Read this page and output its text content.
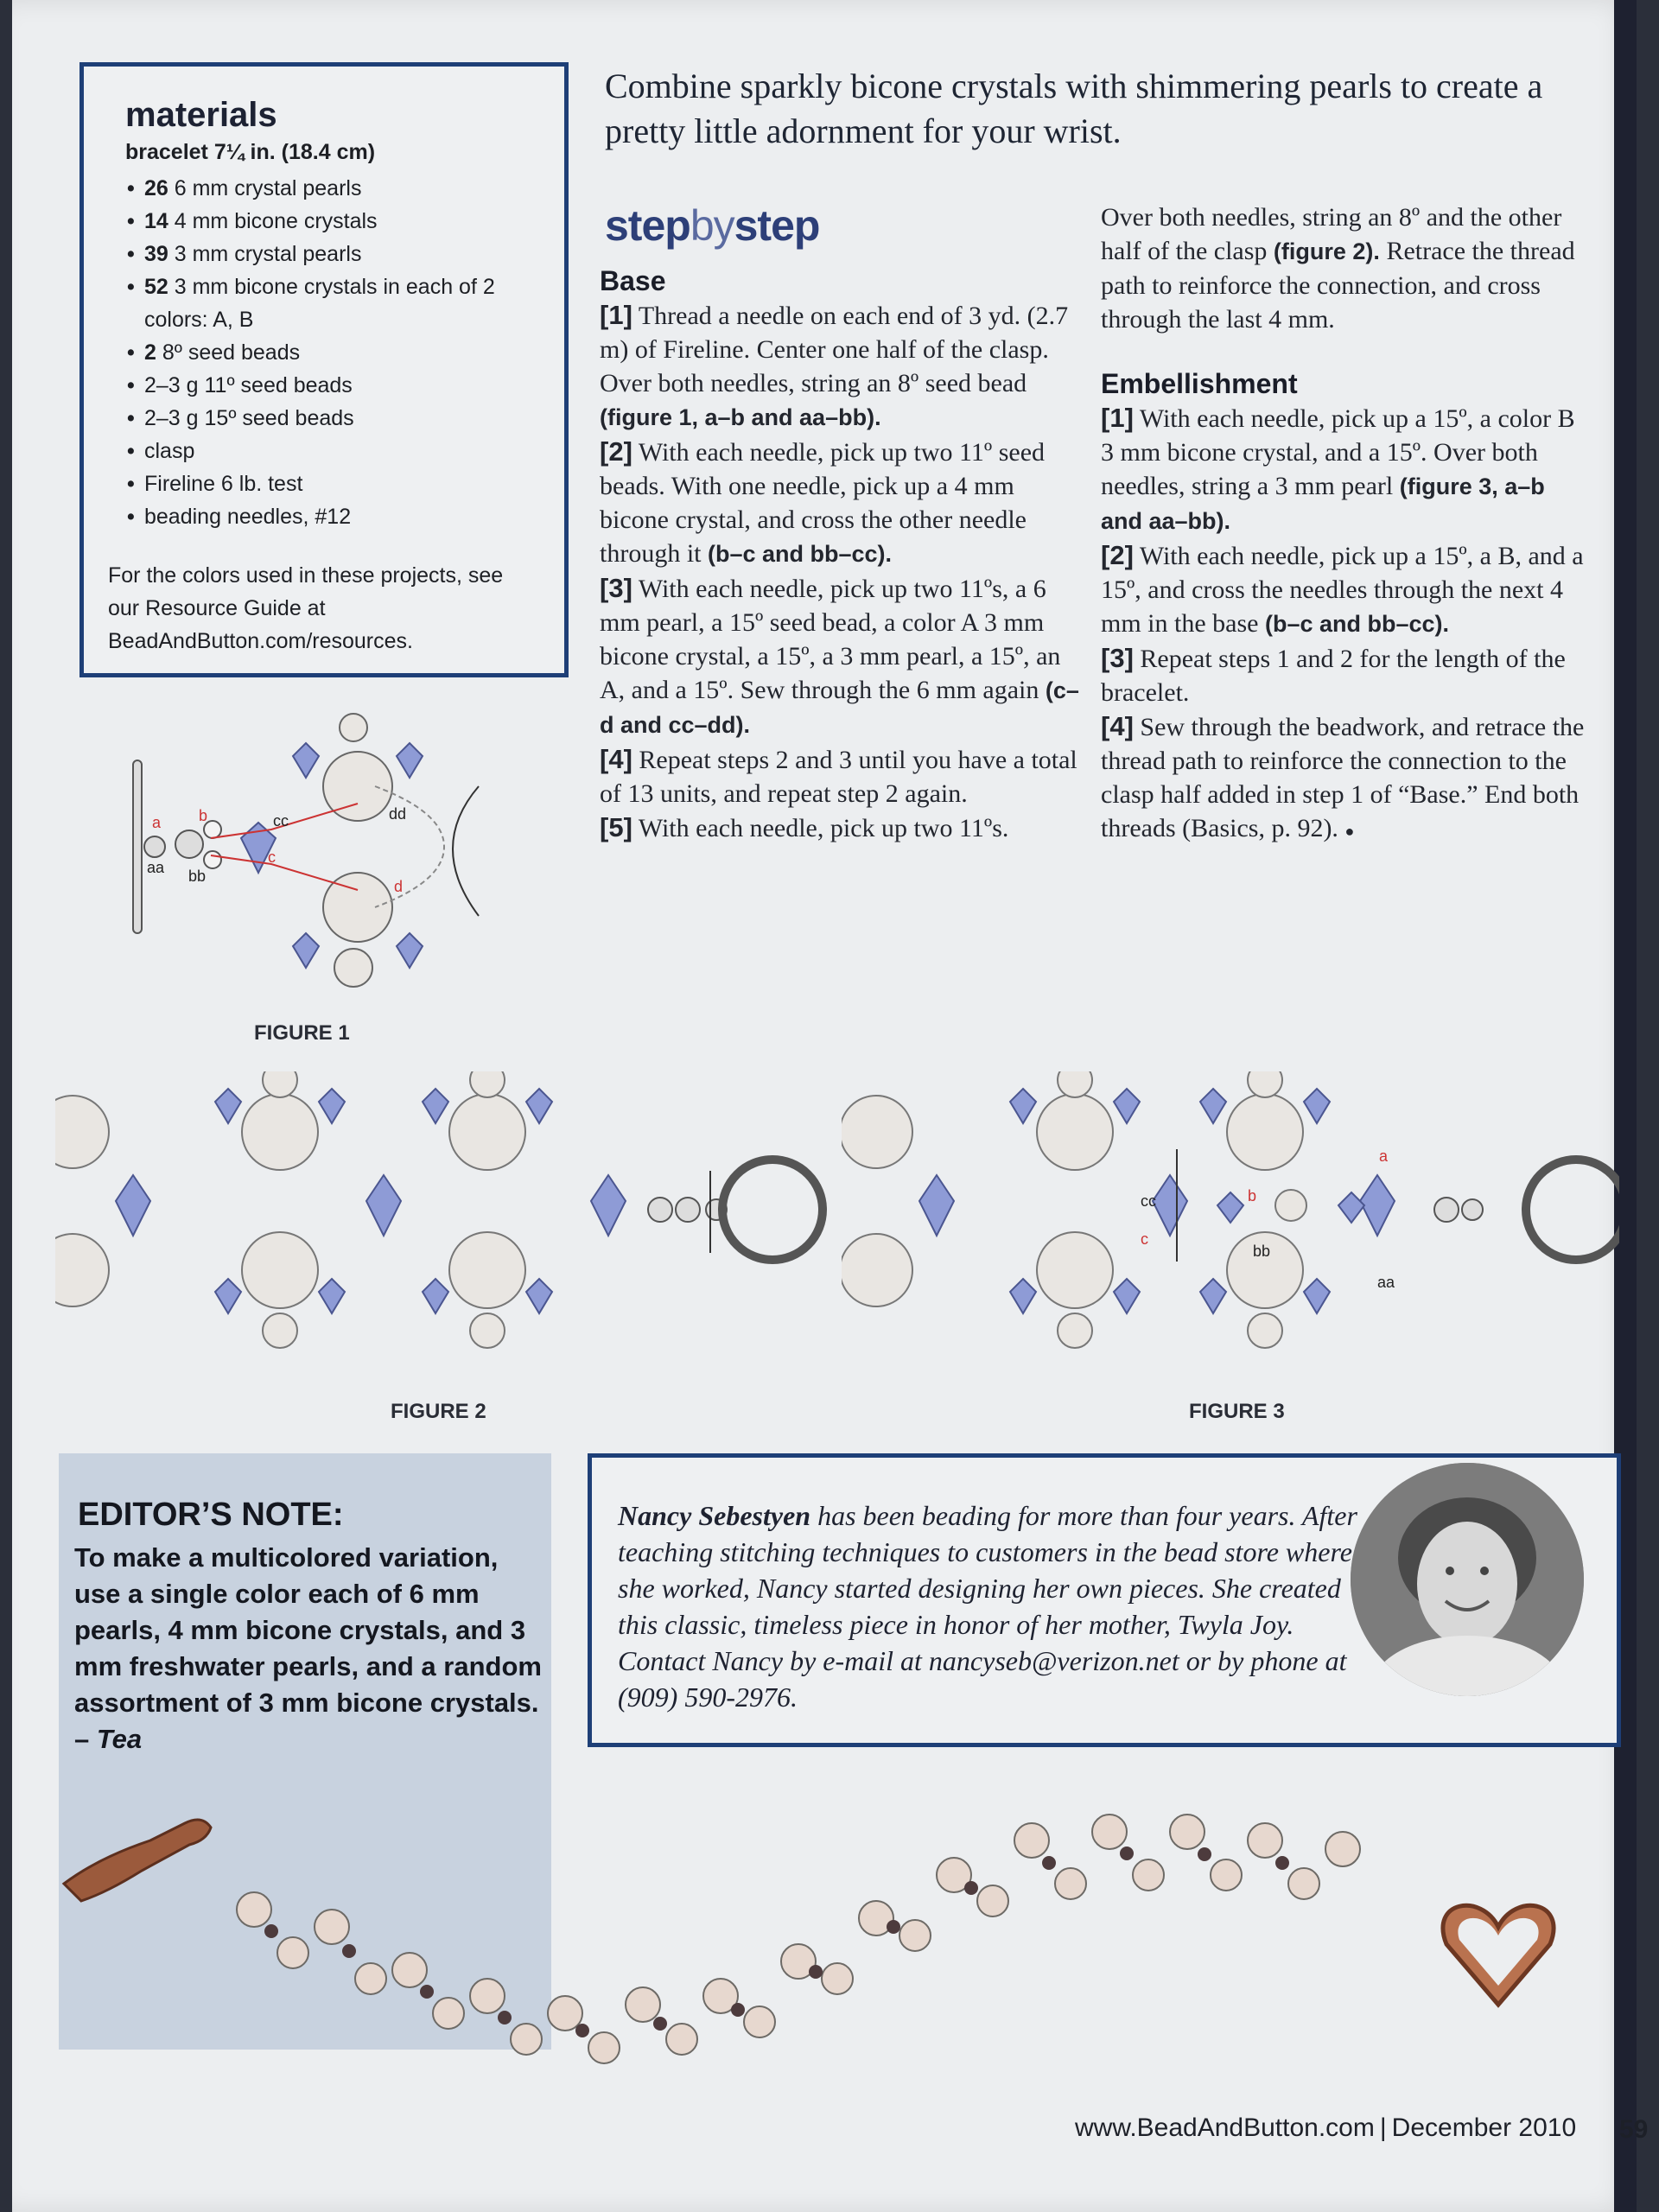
materials
bracelet 7¼ in. (18.4 cm)
• 26 6 mm crystal pearls
• 14 4 mm bicone crystals
• 39 3 mm crystal pearls
• 52 3 mm bicone crystals in each of 2 colors: A, B
• 2 8º seed beads
• 2–3 g 11º seed beads
• 2–3 g 15º seed beads
• clasp
• Fireline 6 lb. test
• beading needles, #12
For the colors used in these projects, see our Resource Guide at BeadAndButton.com/resources.
Combine sparkly bicone crystals with shimmering pearls to create a pretty little adornment for your wrist.
stepbystep
Base

[1] Thread a needle on each end of 3 yd. (2.7 m) of Fireline. Center one half of the clasp. Over both needles, string an 8º seed bead (figure 1, a–b and aa–bb).

[2] With each needle, pick up two 11º seed beads. With one needle, pick up a 4 mm bicone crystal, and cross the other needle through it (b–c and bb–cc).

[3] With each needle, pick up two 11ºs, a 6 mm pearl, a 15º seed bead, a color A 3 mm bicone crystal, a 15º, a 3 mm pearl, a 15º, an A, and a 15º. Sew through the 6 mm again (c–d and cc–dd).

[4] Repeat steps 2 and 3 until you have a total of 13 units, and repeat step 2 again.

[5] With each needle, pick up two 11ºs.

Over both needles, string an 8º and the other half of the clasp (figure 2). Retrace the thread path to reinforce the connection, and cross through the last 4 mm.

Embellishment

[1] With each needle, pick up a 15º, a color B 3 mm bicone crystal, and a 15º. Over both needles, string a 3 mm pearl (figure 3, a–b and aa–bb).

[2] With each needle, pick up a 15º, a B, and a 15º, and cross the needles through the next 4 mm in the base (b–c and bb–cc).

[3] Repeat steps 1 and 2 for the length of the bracelet.

[4] Sew through the beadwork, and retrace the thread path to reinforce the connection to the clasp half added in step 1 of “Base.” End both threads (Basics, p. 92). ●

a
aa
b
bb
c
cc
d
dd
FIGURE 1
FIGURE 2
cc
c
b
bb
a
aa
FIGURE 3
EDITOR’S NOTE:

To make a multicolored variation, use a single color each of 6 mm pearls, 4 mm bicone crystals, and 3 mm freshwater pearls, and a random assortment of 3 mm bicone crystals. – Tea

Nancy Sebestyen has been beading for more than four years. After teaching stitching techniques to customers in the bead store where she worked, Nancy started designing her own pieces. She created this classic, timeless piece in honor of her mother, Twyla Joy. Contact Nancy by e-mail at nancyseb@verizon.net or by phone at (909) 590-2976.

www.BeadAndButton.com | December 2010 59
